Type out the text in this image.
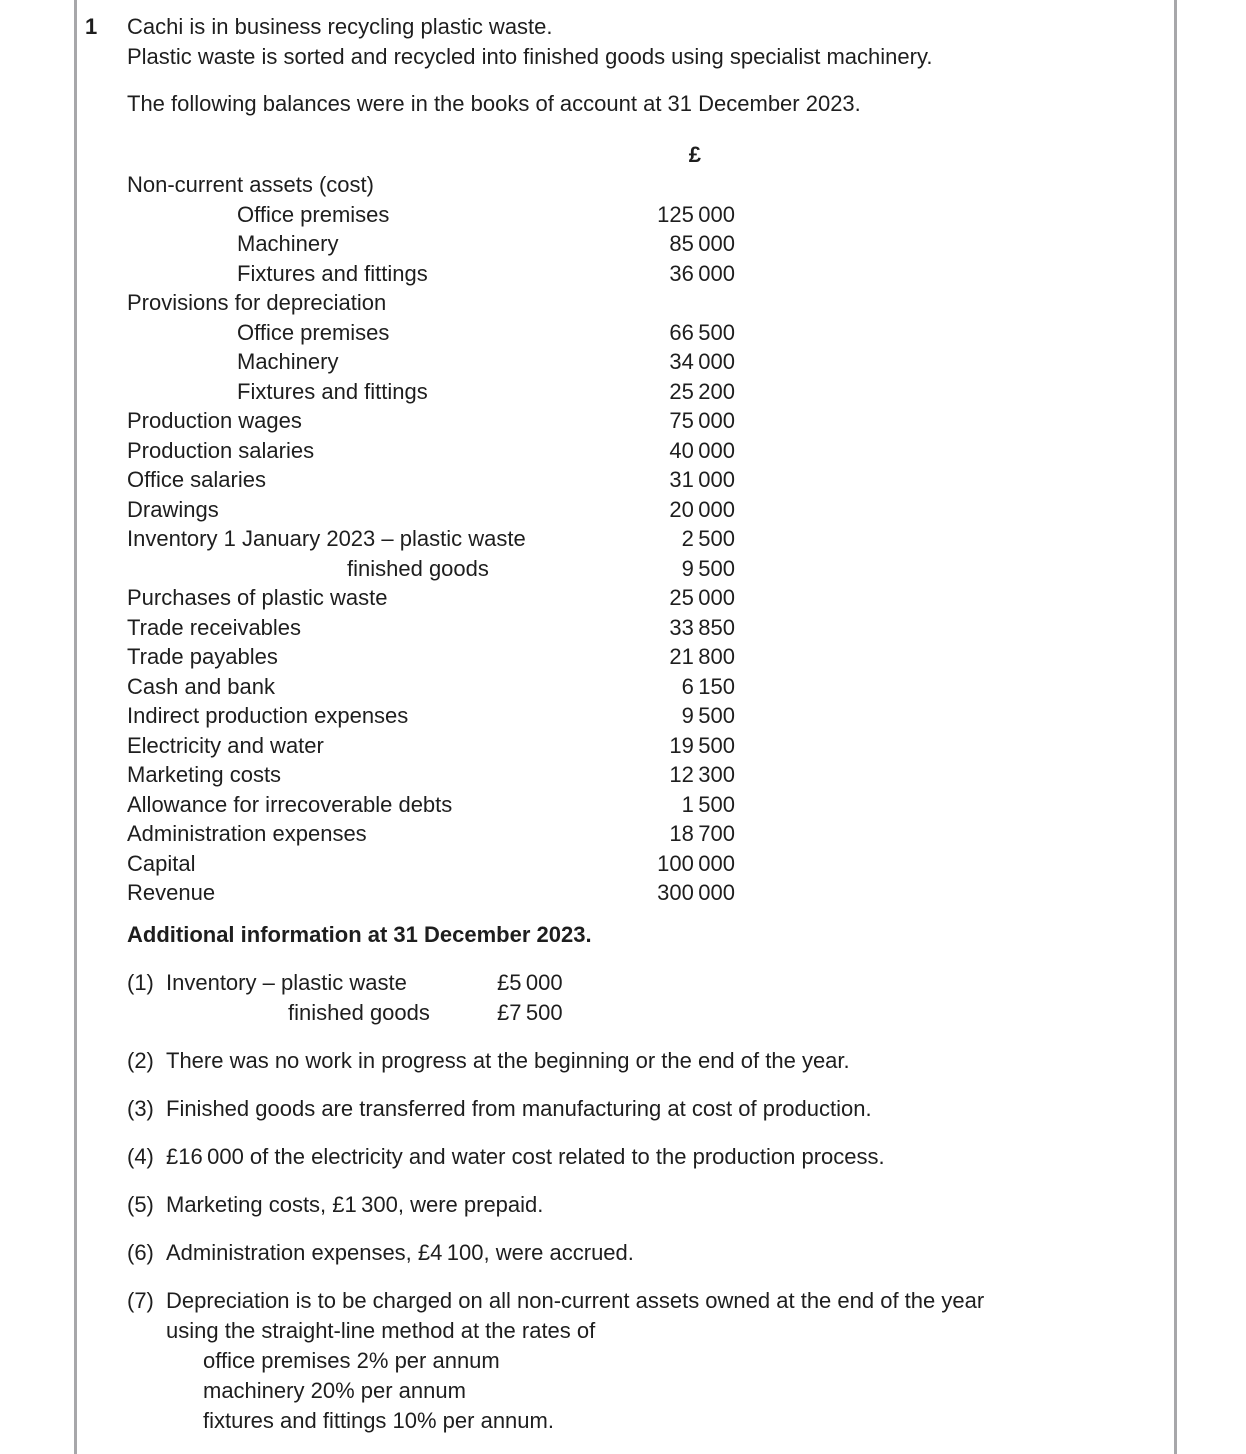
1	Cachi is in business recycling plastic waste.

Plastic waste is sorted and recycled into finished goods using specialist machinery.

The following balances were in the books of account at 31 December 2023.

£
Non-current assets (cost)	
Office premises	125 000
Machinery	85 000
Fixtures and fittings	36 000
Provisions for depreciation	
Office premises	66 500
Machinery	34 000
Fixtures and fittings	25 200
Production wages	75 000
Production salaries	40 000
Office salaries	31 000
Drawings	20 000
Inventory 1 January 2023 – plastic waste	2 500
finished goods	9 500
Purchases of plastic waste	25 000
Trade receivables	33 850
Trade payables	21 800
Cash and bank	6 150
Indirect production expenses	9 500
Electricity and water	19 500
Marketing costs	12 300
Allowance for irrecoverable debts	1 500
Administration expenses	18 700
Capital	100 000
Revenue	300 000

Additional information at 31 December 2023.

(1) Inventory – plastic waste	£5 000
finished goods	£7 500
(2) There was no work in progress at the beginning or the end of the year.
(3) Finished goods are transferred from manufacturing at cost of production.
(4) £16 000 of the electricity and water cost related to the production process.
(5) Marketing costs, £1 300, were prepaid.
(6) Administration expenses, £4 100, were accrued.
(7) Depreciation is to be charged on all non-current assets owned at the end of the year using the straight-line method at the rates of
office premises 2% per annum
machinery 20% per annum
fixtures and fittings 10% per annum.
